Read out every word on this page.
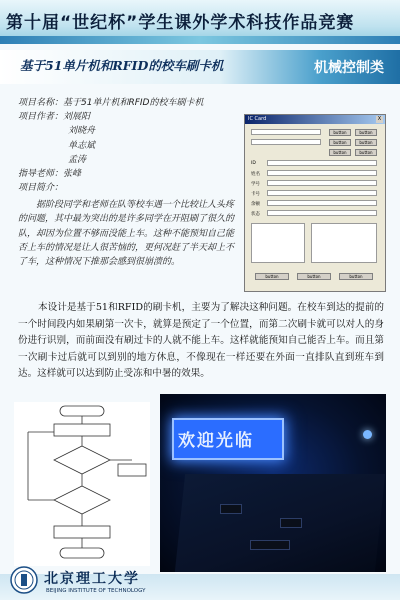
第十届“世纪杯”学生课外学术科技作品竞赛
基于51单片机和RFID的校车刷卡机	机械控制类
项目名称：基于51单片机和RFID的校车刷卡机
项目作者：刘展阳
刘晓舟
单志斌
孟涛
指导老师：张峰
项目简介：
据阶段同学和老师在队等校车遇一个比较让人头疼的问题，其中最为突出的是许多同学在开阻刷了很久的队，却因为位置不够而没能上车。这种不能预知自己能否上车的情况是让人很苦恼的，更何况赶了半天却上不了车，这种情况下推那会感到很崩溃的。
IC Card	X
button	button
button	button
button	button
ID
姓名
学号
卡号
余额
状态
button	button	button
本设计是基于51和RFID的刷卡机，主要为了解决这种问题。在校车到达的提前的一个时间段内如果刷第一次卡，就算是预定了一个位置，而第二次刷卡就可以对人的身份进行识别，而前面没有刷过卡的人就不能上车。这样就能预知自己能否上车。而且第一次刷卡过后就可以到别的地方休息，不像现在一样还要在外面一直排队直到班车到达。这样就可以达到防止受冻和中暑的效果。
欢迎光临
北京理工大学
BEIJING INSTITUTE OF TECHNOLOGY
